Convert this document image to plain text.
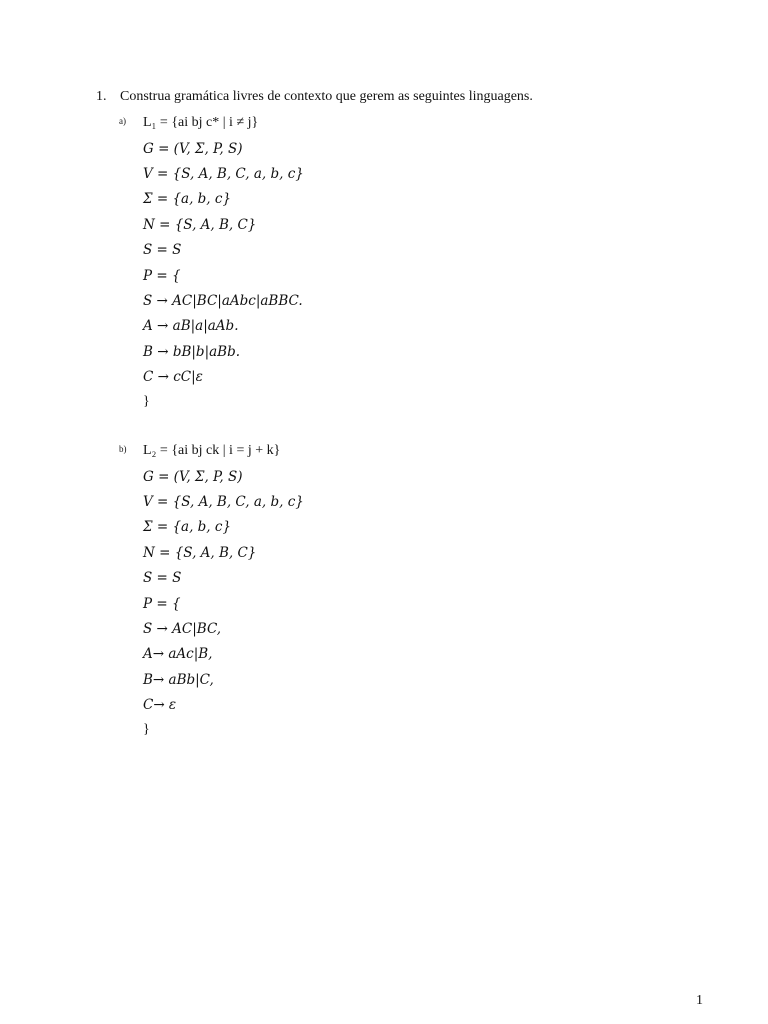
1. Construa gramática livres de contexto que gerem as seguintes linguagens.
a) L₁ = {ai bj c* | i ≠ j}
G = (V, Σ, P, S)
V = {S, A, B, C, a, b, c}
Σ = {a, b, c}
N = {S, A, B, C}
S = S
P = {
S → AC|BC|aAbc|aBBC.
A → aB|a|aAb.
B → bB|b|aBb.
C → cC|ε
}
b) L₂ = {ai bj ck | i = j + k}
G = (V, Σ, P, S)
V = {S, A, B, C, a, b, c}
Σ = {a, b, c}
N = {S, A, B, C}
S = S
P = {
S → AC|BC,
A→ aAc|B,
B→ aBb|C,
C→ ε
}
1
